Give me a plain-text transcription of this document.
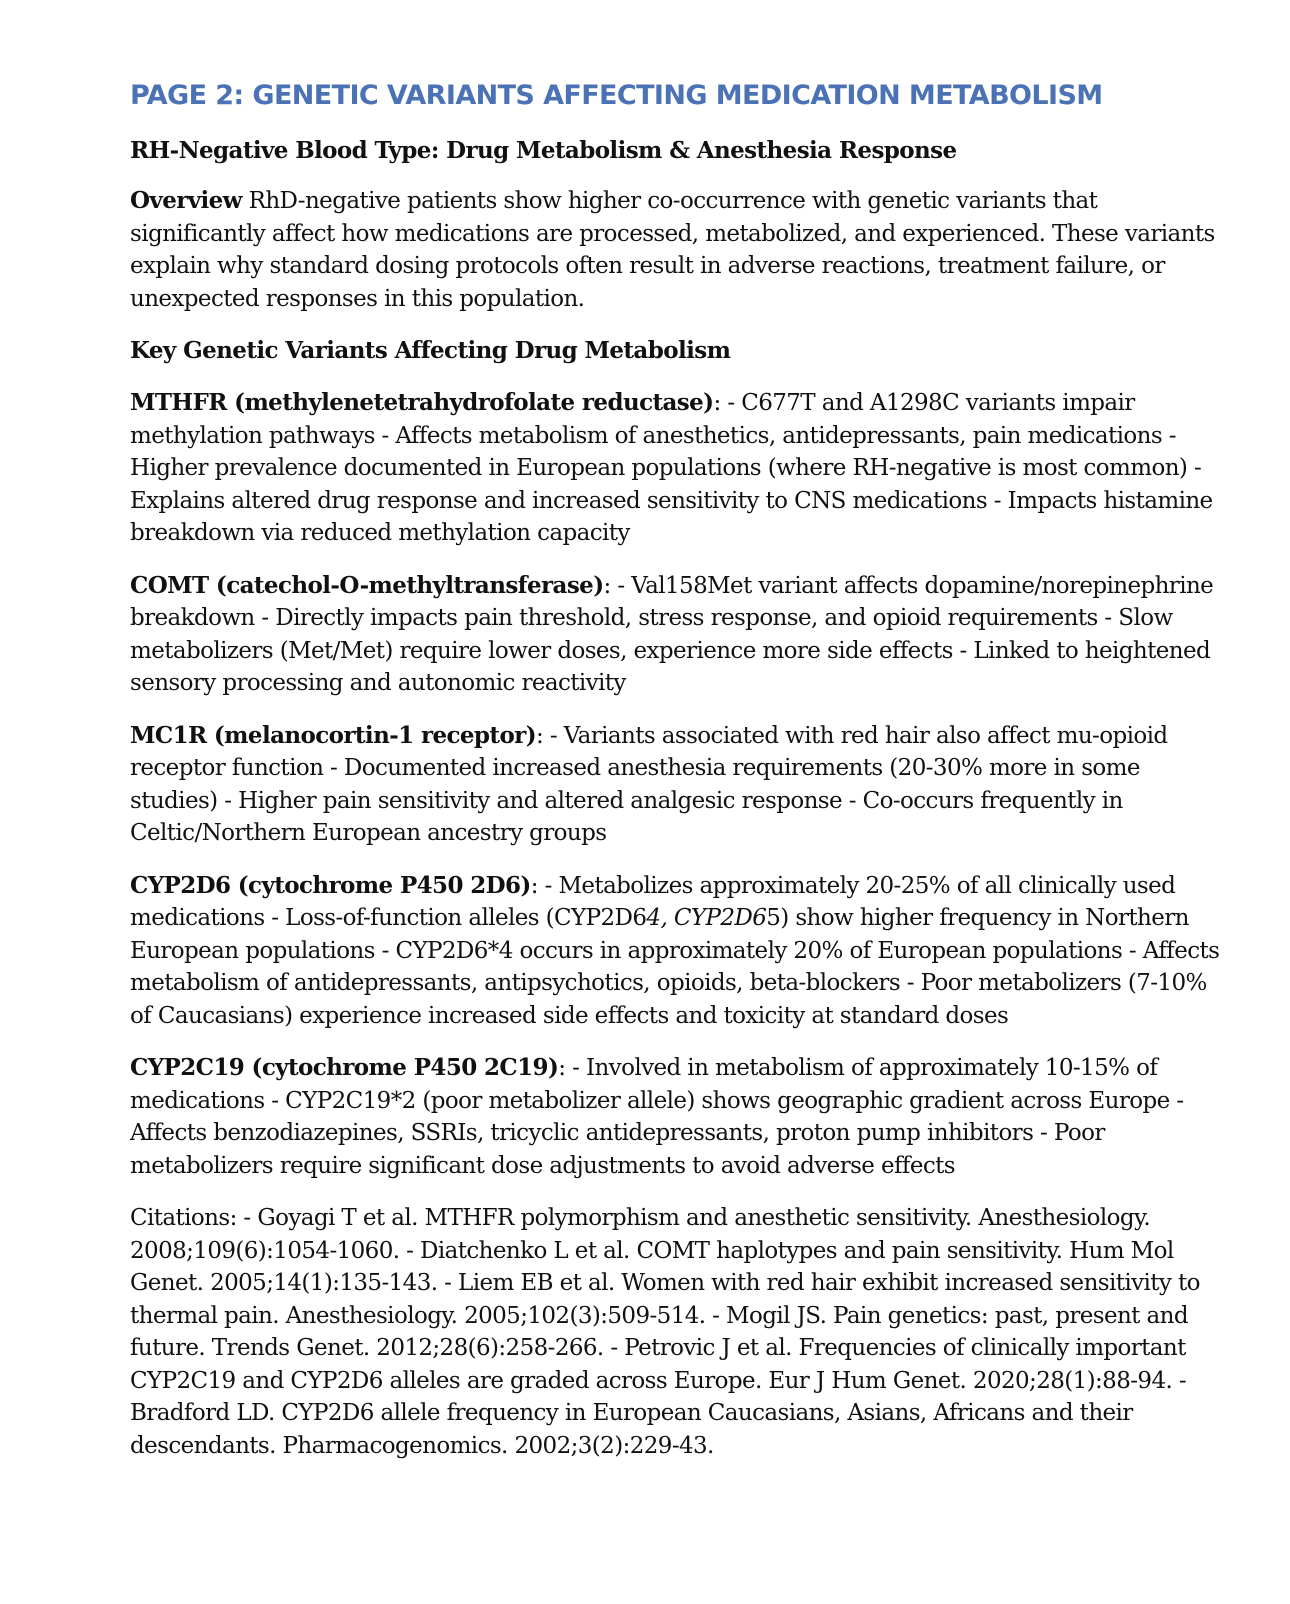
PAGE 2: GENETIC VARIANTS AFFECTING MEDICATION METABOLISM
RH-Negative Blood Type: Drug Metabolism & Anesthesia Response

Overview RhD-negative patients show higher co-occurrence with genetic variants that significantly affect how medications are processed, metabolized, and experienced. These variants explain why standard dosing protocols often result in adverse reactions, treatment failure, or unexpected responses in this population.

Key Genetic Variants Affecting Drug Metabolism

MTHFR (methylenetetrahydrofolate reductase): - C677T and A1298C variants impair methylation pathways - Affects metabolism of anesthetics, antidepressants, pain medications - Higher prevalence documented in European populations (where RH-negative is most common) - Explains altered drug response and increased sensitivity to CNS medications - Impacts histamine breakdown via reduced methylation capacity

COMT (catechol-O-methyltransferase): - Val158Met variant affects dopamine/norepinephrine breakdown - Directly impacts pain threshold, stress response, and opioid requirements - Slow metabolizers (Met/Met) require lower doses, experience more side effects - Linked to heightened sensory processing and autonomic reactivity

MC1R (melanocortin-1 receptor): - Variants associated with red hair also affect mu-opioid receptor function - Documented increased anesthesia requirements (20-30% more in some studies) - Higher pain sensitivity and altered analgesic response - Co-occurs frequently in Celtic/Northern European ancestry groups

CYP2D6 (cytochrome P450 2D6): - Metabolizes approximately 20-25% of all clinically used medications - Loss-of-function alleles (CYP2D64, CYP2D65) show higher frequency in Northern European populations - CYP2D6*4 occurs in approximately 20% of European populations - Affects metabolism of antidepressants, antipsychotics, opioids, beta-blockers - Poor metabolizers (7-10% of Caucasians) experience increased side effects and toxicity at standard doses

CYP2C19 (cytochrome P450 2C19): - Involved in metabolism of approximately 10-15% of medications - CYP2C19*2 (poor metabolizer allele) shows geographic gradient across Europe - Affects benzodiazepines, SSRIs, tricyclic antidepressants, proton pump inhibitors - Poor metabolizers require significant dose adjustments to avoid adverse effects

Citations: - Goyagi T et al. MTHFR polymorphism and anesthetic sensitivity. Anesthesiology. 2008;109(6):1054-1060. - Diatchenko L et al. COMT haplotypes and pain sensitivity. Hum Mol Genet. 2005;14(1):135-143. - Liem EB et al. Women with red hair exhibit increased sensitivity to thermal pain. Anesthesiology. 2005;102(3):509-514. - Mogil JS. Pain genetics: past, present and future. Trends Genet. 2012;28(6):258-266. - Petrovic J et al. Frequencies of clinically important CYP2C19 and CYP2D6 alleles are graded across Europe. Eur J Hum Genet. 2020;28(1):88-94. - Bradford LD. CYP2D6 allele frequency in European Caucasians, Asians, Africans and their descendants. Pharmacogenomics. 2002;3(2):229-43.
